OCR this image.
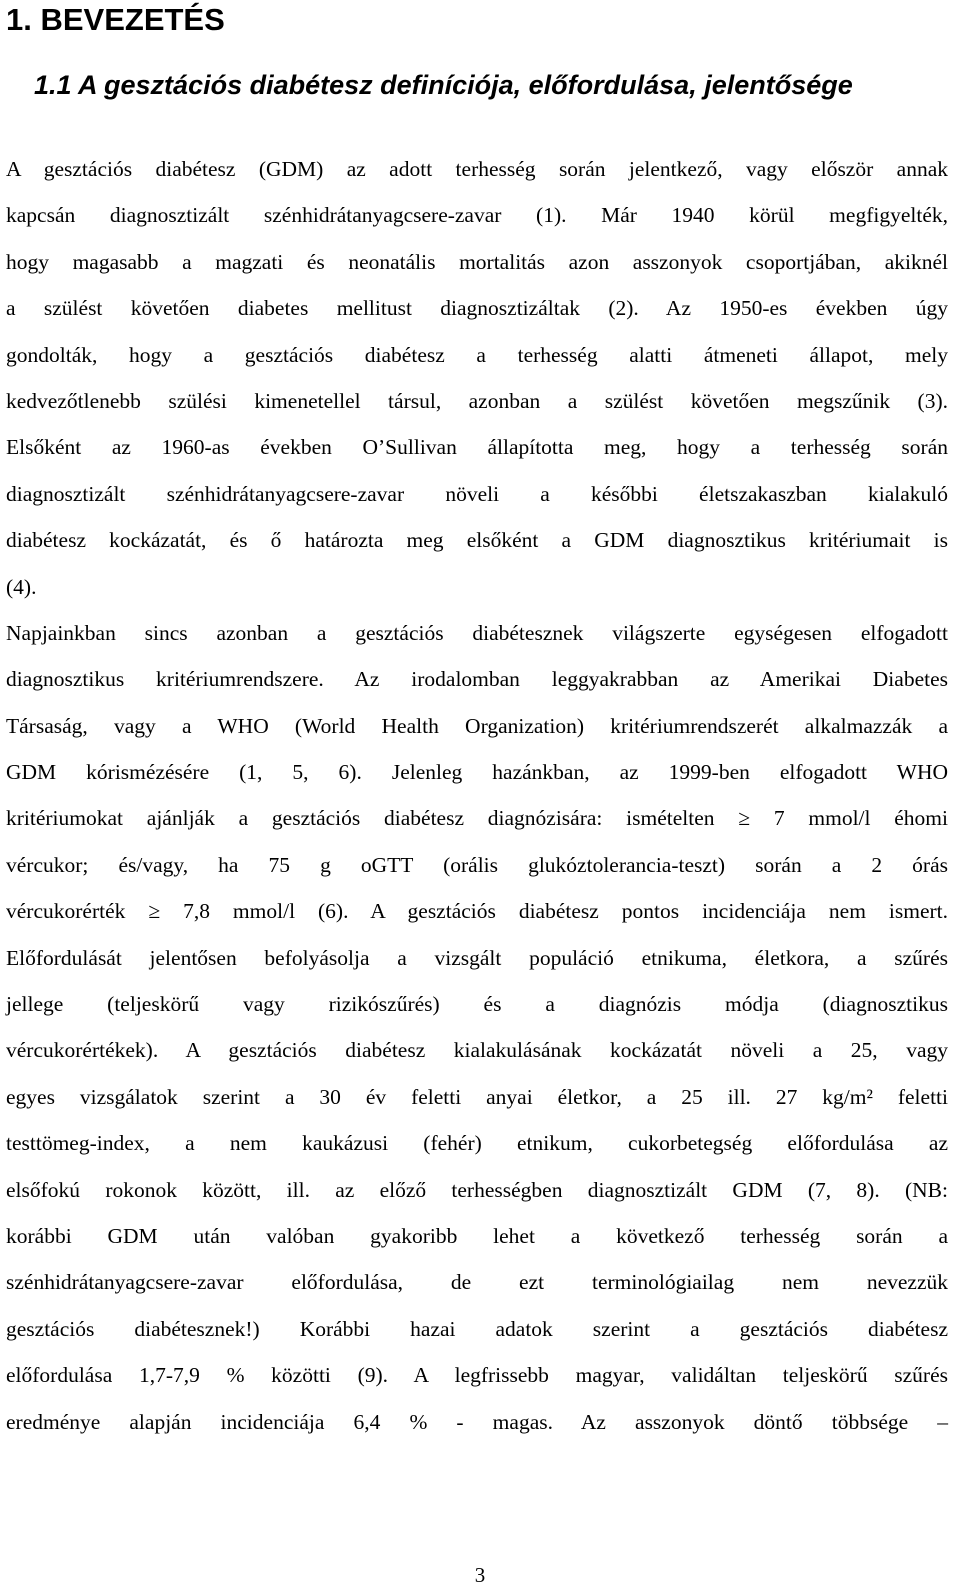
1. BEVEZETÉS
1.1 A gesztációs diabétesz definíciója, előfordulása, jelentősége
A gesztációs diabétesz (GDM) az adott terhesség során jelentkező, vagy először annak
kapcsán diagnosztizált szénhidrátanyagcsere-zavar (1). Már 1940 körül megfigyelték,
hogy magasabb a magzati és neonatális mortalitás azon asszonyok csoportjában, akiknél
a szülést követően diabetes mellitust diagnosztizáltak (2). Az 1950-es években úgy
gondolták, hogy a gesztációs diabétesz a terhesség alatti átmeneti állapot, mely
kedvezőtlenebb szülési kimenetellel társul, azonban a szülést követően megszűnik (3).
Elsőként az 1960-as években O’Sullivan állapította meg, hogy a terhesség során
diagnosztizált szénhidrátanyagcsere-zavar növeli a későbbi életszakaszban kialakuló
diabétesz kockázatát, és ő határozta meg elsőként a GDM diagnosztikus kritériumait is
(4).
Napjainkban sincs azonban a gesztációs diabétesznek világszerte egységesen elfogadott
diagnosztikus kritériumrendszere. Az irodalomban leggyakrabban az Amerikai Diabetes
Társaság, vagy a WHO (World Health Organization) kritériumrendszerét alkalmazzák a
GDM kórismézésére (1, 5, 6). Jelenleg hazánkban, az 1999-ben elfogadott WHO
kritériumokat ajánlják a gesztációs diabétesz diagnózisára: ismételten ≥ 7 mmol/l éhomi
vércukor; és/vagy, ha 75 g oGTT (orális glukóztolerancia-teszt) során a 2 órás
vércukorérték ≥ 7,8 mmol/l (6). A gesztációs diabétesz pontos incidenciája nem ismert.
Előfordulását jelentősen befolyásolja a vizsgált populáció etnikuma, életkora, a szűrés
jellege (teljeskörű vagy rizikószűrés) és a diagnózis módja (diagnosztikus
vércukorértékek). A gesztációs diabétesz kialakulásának kockázatát növeli a 25, vagy
egyes vizsgálatok szerint a 30 év feletti anyai életkor, a 25 ill. 27 kg/m² feletti
testtömeg-index, a nem kaukázusi (fehér) etnikum, cukorbetegség előfordulása az
elsőfokú rokonok között, ill. az előző terhességben diagnosztizált GDM (7, 8). (NB:
korábbi GDM után valóban gyakoribb lehet a következő terhesség során a
szénhidrátanyagcsere-zavar előfordulása, de ezt terminológiailag nem nevezzük
gesztációs diabétesznek!) Korábbi hazai adatok szerint a gesztációs diabétesz
előfordulása 1,7-7,9 % közötti (9). A legfrissebb magyar, validáltan teljeskörű szűrés
eredménye alapján incidenciája 6,4 % - magas. Az asszonyok döntő többsége –
3
